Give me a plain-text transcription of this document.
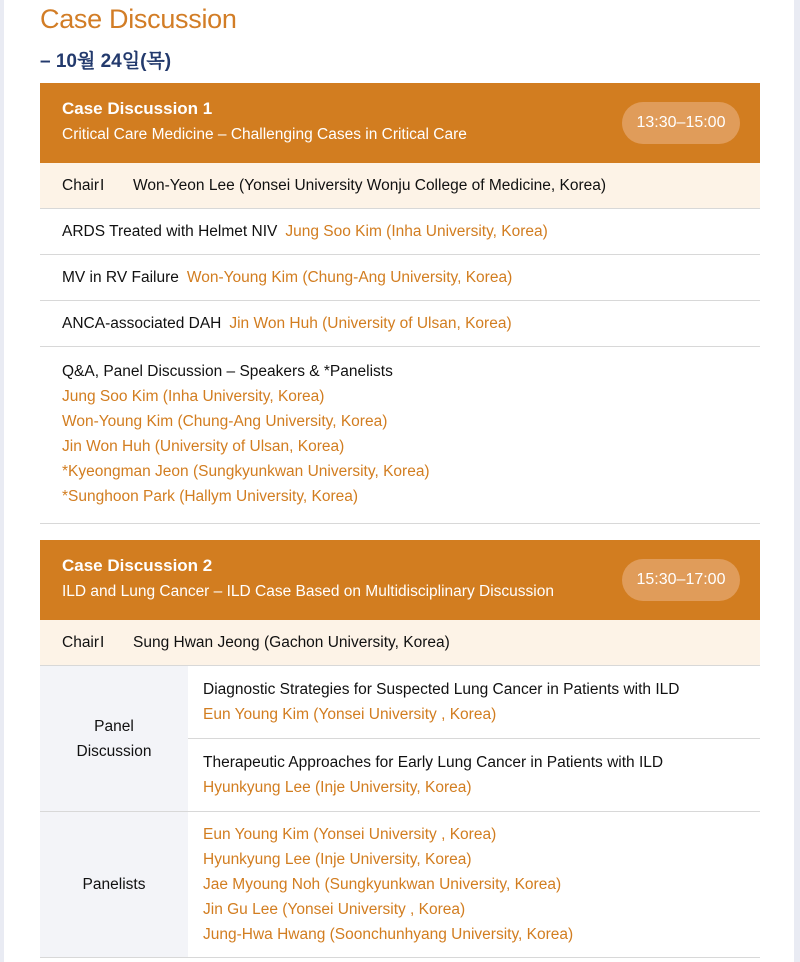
Case Discussion
– 10월 24일(목)
Case Discussion 1
Critical Care Medicine – Challenging Cases in Critical Care
13:30–15:00
Chair I	Won-Yeon Lee (Yonsei University Wonju College of Medicine, Korea)
ARDS Treated with Helmet NIV Jung Soo Kim (Inha University, Korea)
MV in RV Failure Won-Young Kim (Chung-Ang University, Korea)
ANCA-associated DAH Jin Won Huh (University of Ulsan, Korea)
Q&A, Panel Discussion – Speakers & *Panelists
Jung Soo Kim (Inha University, Korea)
Won-Young Kim (Chung-Ang University, Korea)
Jin Won Huh (University of Ulsan, Korea)
*Kyeongman Jeon (Sungkyunkwan University, Korea)
*Sunghoon Park (Hallym University, Korea)
Case Discussion 2
ILD and Lung Cancer – ILD Case Based on Multidisciplinary Discussion
15:30–17:00
Chair I	Sung Hwan Jeong (Gachon University, Korea)
Panel
Discussion
Diagnostic Strategies for Suspected Lung Cancer in Patients with ILD
Eun Young Kim (Yonsei University , Korea)
Therapeutic Approaches for Early Lung Cancer in Patients with ILD
Hyunkyung Lee (Inje University, Korea)
Panelists
Eun Young Kim (Yonsei University , Korea)
Hyunkyung Lee (Inje University, Korea)
Jae Myoung Noh (Sungkyunkwan University, Korea)
Jin Gu Lee (Yonsei University , Korea)
Jung-Hwa Hwang (Soonchunhyang University, Korea)
